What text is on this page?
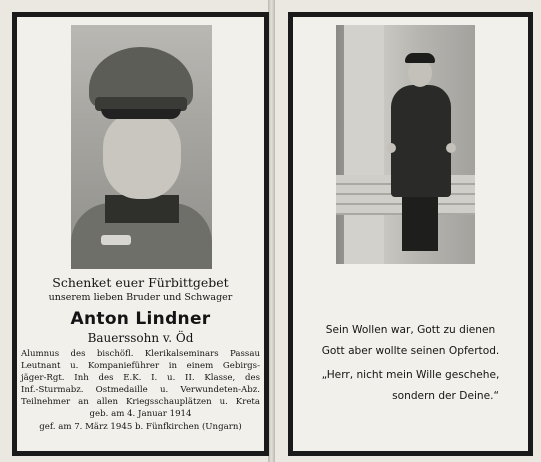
Schenket euer Fürbittgebet
unserem lieben Bruder und Schwager
Anton Lindner
Bauerssohn v. Öd
Alumnus des bischöfl. Klerikalseminars Passau
Leutnant u. Kompanieführer in einem Gebirgs-
jäger-Rgt. Inh des E.K. I. u. II. Klasse, des
Inf.-Sturmabz. Ostmedaille u. Verwundeten-Abz.
Teilnehmer an allen Kriegsschauplätzen u. Kreta
geb. am 4. Januar 1914
gef. am 7. März 1945 b. Fünfkirchen (Ungarn)
Sein Wollen war, Gott zu dienen
Gott aber wollte seinen Opfertod.
„Herr, nicht mein Wille geschehe,
sondern der Deine.“
